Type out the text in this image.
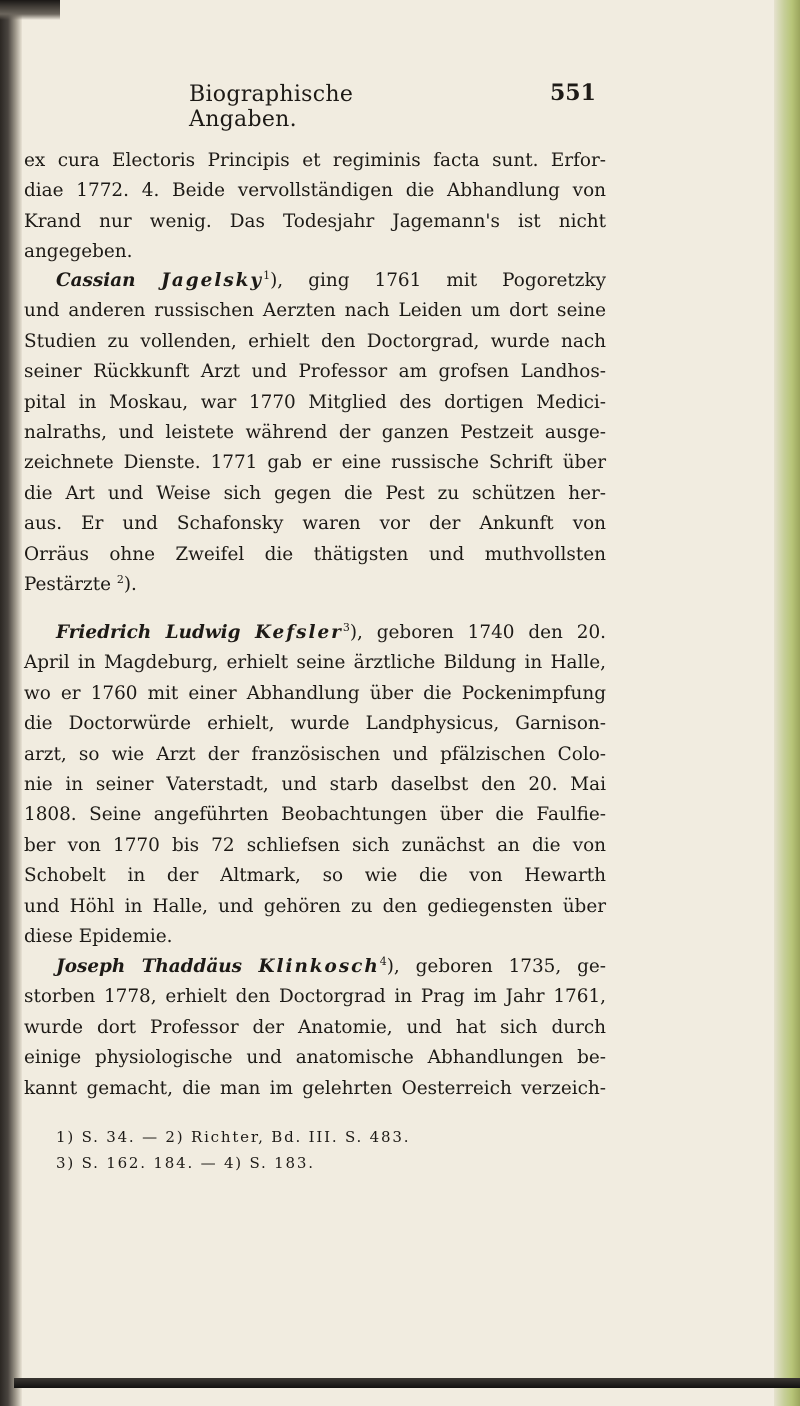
Biographische Angaben.
551
ex cura Electoris Principis et regiminis facta sunt. Erfor-
diae 1772. 4. Beide vervollständigen die Abhandlung von
Krand nur wenig. Das Todesjahr Jagemann's ist nicht
angegeben.
Cassian Jagelsky$^1$), ging 1761 mit Pogoretzky
und anderen russischen Aerzten nach Leiden um dort seine
Studien zu vollenden, erhielt den Doctorgrad, wurde nach
seiner Rückkunft Arzt und Professor am grofsen Landhos-
pital in Moskau, war 1770 Mitglied des dortigen Medici-
nalraths, und leistete während der ganzen Pestzeit ausge-
zeichnete Dienste. 1771 gab er eine russische Schrift über
die Art und Weise sich gegen die Pest zu schützen her-
aus. Er und Schafonsky waren vor der Ankunft von
Orräus ohne Zweifel die thätigsten und muthvollsten
Pestärzte $^2$).
Friedrich Ludwig Kefsler$^3$), geboren 1740 den 20.
April in Magdeburg, erhielt seine ärztliche Bildung in Halle,
wo er 1760 mit einer Abhandlung über die Pockenimpfung
die Doctorwürde erhielt, wurde Landphysicus, Garnison-
arzt, so wie Arzt der französischen und pfälzischen Colo-
nie in seiner Vaterstadt, und starb daselbst den 20. Mai
1808. Seine angeführten Beobachtungen über die Faulfie-
ber von 1770 bis 72 schliefsen sich zunächst an die von
Schobelt in der Altmark, so wie die von Hewarth
und Höhl in Halle, und gehören zu den gediegensten über
diese Epidemie.
Joseph Thaddäus Klinkosch$^4$), geboren 1735, ge-
storben 1778, erhielt den Doctorgrad in Prag im Jahr 1761,
wurde dort Professor der Anatomie, und hat sich durch
einige physiologische und anatomische Abhandlungen be-
kannt gemacht, die man im gelehrten Oesterreich verzeich-
1) S. 34. — 2) Richter, Bd. III. S. 483.
3) S. 162. 184. — 4) S. 183.
